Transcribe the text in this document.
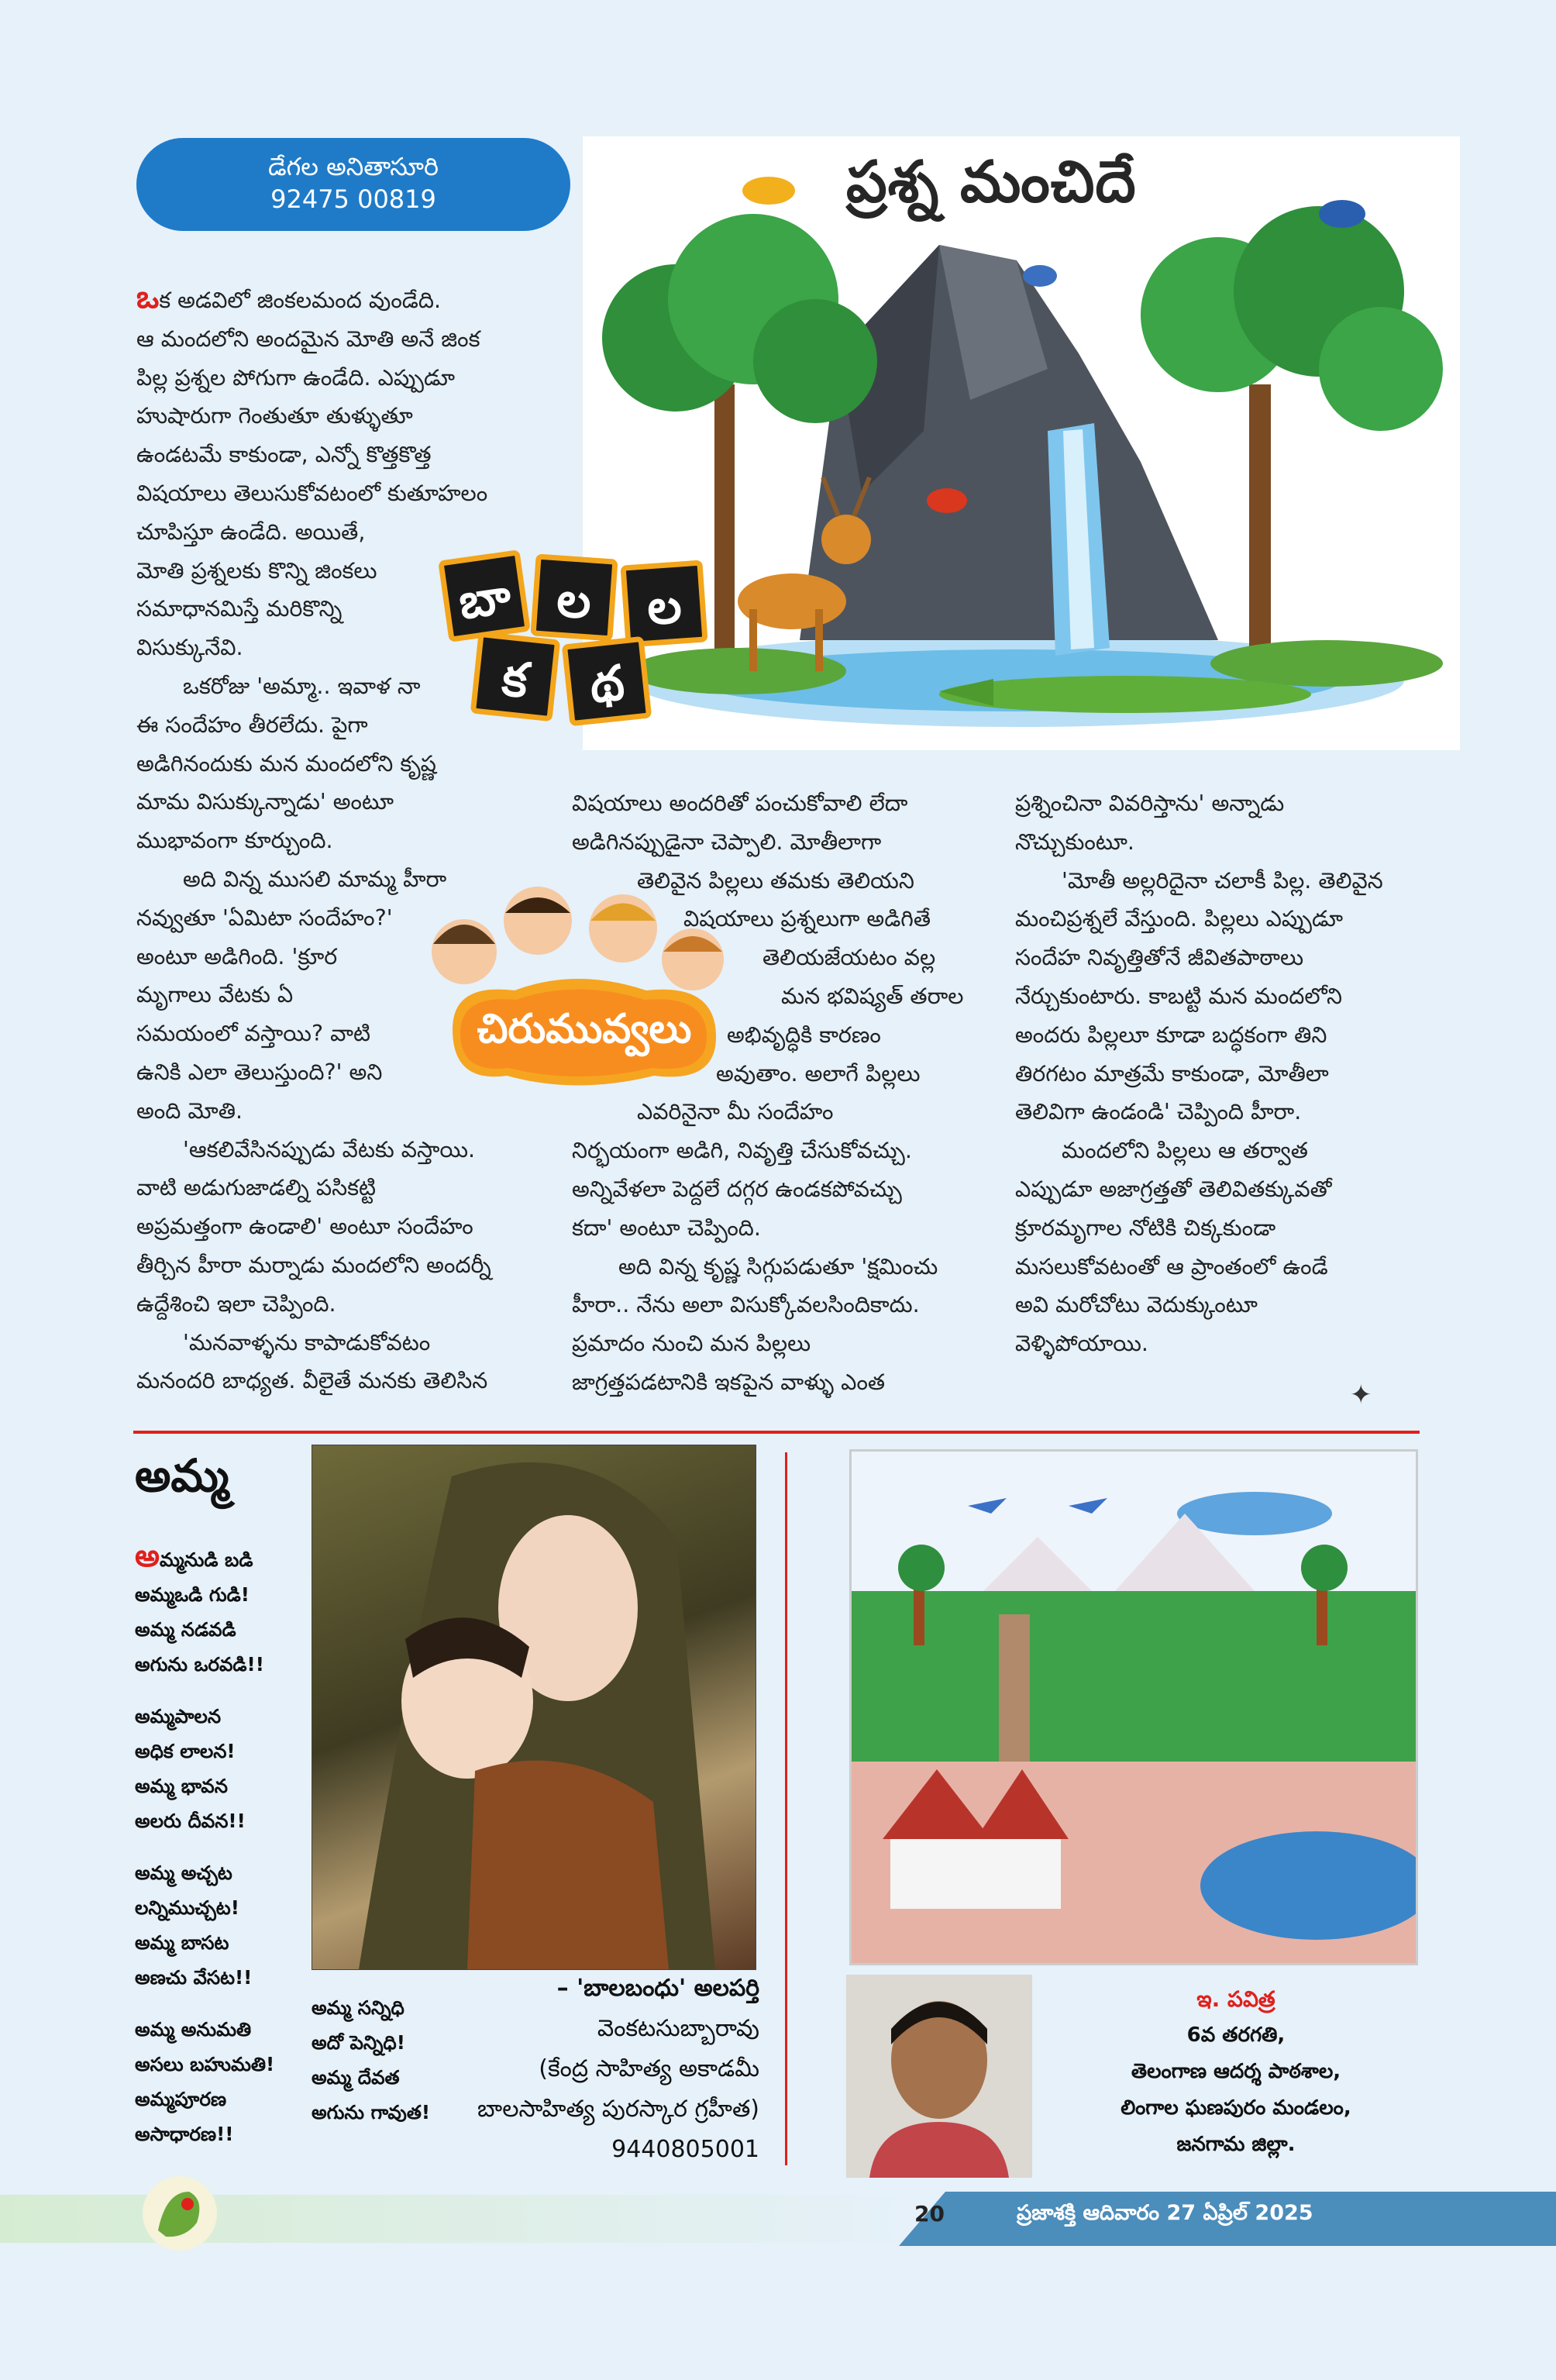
డేగల అనితాసూరి
92475 00819	ప్రశ్న మంచిదే
బా ల	ల
క	థ

ఒక అడవిలో జింకలమంద వుండేది.

ఆ మందలోని అందమైన మోతి అనే జింక

పిల్ల ప్రశ్నల పోగుగా ఉండేది. ఎప్పుడూ

హుషారుగా గెంతుతూ తుళ్ళుతూ

ఉండటమే కాకుండా, ఎన్నో కొత్తకొత్త

విషయాలు తెలుసుకోవటంలో కుతూహలం

చూపిస్తూ ఉండేది. అయితే,

మోతి ప్రశ్నలకు కొన్ని జింకలు

సమాధానమిస్తే మరికొన్ని

విసుక్కునేవి.

ఒకరోజు 'అమ్మా.. ఇవాళ నా

ఈ సందేహం తీరలేదు. పైగా

అడిగినందుకు మన మందలోని కృష్ణ

మామ విసుక్కున్నాడు' అంటూ

ముభావంగా కూర్చుంది.

అది విన్న ముసలి మామ్మ హీరా

నవ్వుతూ 'ఏమిటా సందేహం?'

అంటూ అడిగింది. 'క్రూర

మృగాలు వేటకు ఏ

సమయంలో వస్తాయి? వాటి

ఉనికి ఎలా తెలుస్తుంది?' అని

అంది మోతి.

'ఆకలివేసినప్పుడు వేటకు వస్తాయి.

వాటి అడుగుజాడల్ని పసికట్టి

అప్రమత్తంగా ఉండాలి' అంటూ సందేహం

తీర్చిన హీరా మర్నాడు మందలోని అందర్నీ

ఉద్దేశించి ఇలా చెప్పింది.

'మనవాళ్ళను కాపాడుకోవటం

మనందరి బాధ్యత. వీలైతే మనకు తెలిసిన

విషయాలు అందరితో పంచుకోవాలి లేదా

అడిగినప్పుడైనా చెప్పాలి. మోతీలాగా

తెలివైన పిల్లలు తమకు తెలియని

విషయాలు ప్రశ్నలుగా అడిగితే

తెలియజేయటం వల్ల

మన భవిష్యత్ తరాల

అభివృద్ధికి కారణం

అవుతాం. అలాగే పిల్లలు

ఎవరినైనా మీ సందేహం

నిర్భయంగా అడిగి, నివృత్తి చేసుకోవచ్చు.

అన్నివేళలా పెద్దలే దగ్గర ఉండకపోవచ్చు

కదా' అంటూ చెప్పింది.

అది విన్న కృష్ణ సిగ్గుపడుతూ 'క్షమించు

హీరా.. నేను అలా విసుక్కోవలసిందికాదు.

ప్రమాదం నుంచి మన పిల్లలు

జాగ్రత్తపడటానికి ఇకపైన వాళ్ళు ఎంత

ప్రశ్నించినా వివరిస్తాను' అన్నాడు

నొచ్చుకుంటూ.

'మోతీ అల్లరిదైనా చలాకీ పిల్ల. తెలివైన

మంచిప్రశ్నలే వేస్తుంది. పిల్లలు ఎప్పుడూ

సందేహ నివృత్తితోనే జీవితపాఠాలు

నేర్చుకుంటారు. కాబట్టి మన మందలోని

అందరు పిల్లలూ కూడా బద్ధకంగా తిని

తిరగటం మాత్రమే కాకుండా, మోతీలా

తెలివిగా ఉండండి' చెప్పింది హీరా.

మందలోని పిల్లలు ఆ తర్వాత

ఎప్పుడూ అజాగ్రత్తతో తెలివితక్కువతో

క్రూరమృగాల నోటికి చిక్కకుండా

మసలుకోవటంతో ఆ ప్రాంతంలో ఉండే

అవి మరోచోటు వెదుక్కుంటూ

వెళ్ళిపోయాయి.

చిరుమువ్వలు
✦
అమ్మ

అమ్మనుడి బడి
అమ్మఒడి గుడి!
అమ్మ నడవడి
అగును ఒరవడి!!

అమ్మపాలన
అధిక లాలన!
అమ్మ భావన
అలరు దీవన!!

అమ్మ అచ్చట
లన్నిముచ్చట!
అమ్మ బాసట
అణచు వేసట!!

అమ్మ అనుమతి
అసలు బహుమతి!
అమ్మపూరణ
అసాధారణ!!

అమ్మ సన్నిధి
అదో పెన్నిధి!
అమ్మ దేవత
అగును గావుత!

– 'బాలబంధు' అలపర్తి
వెంకటసుబ్బారావు
(కేంద్ర సాహిత్య అకాడమీ
బాలసాహిత్య పురస్కార గ్రహీత)
9440805001
ఇ. పవిత్ర
6వ తరగతి,
తెలంగాణ ఆదర్శ పాఠశాల,
లింగాల ఘణపురం మండలం,
జనగామ జిల్లా.
20	ప్రజాశక్తి ఆదివారం 27 ఏప్రిల్ 2025
